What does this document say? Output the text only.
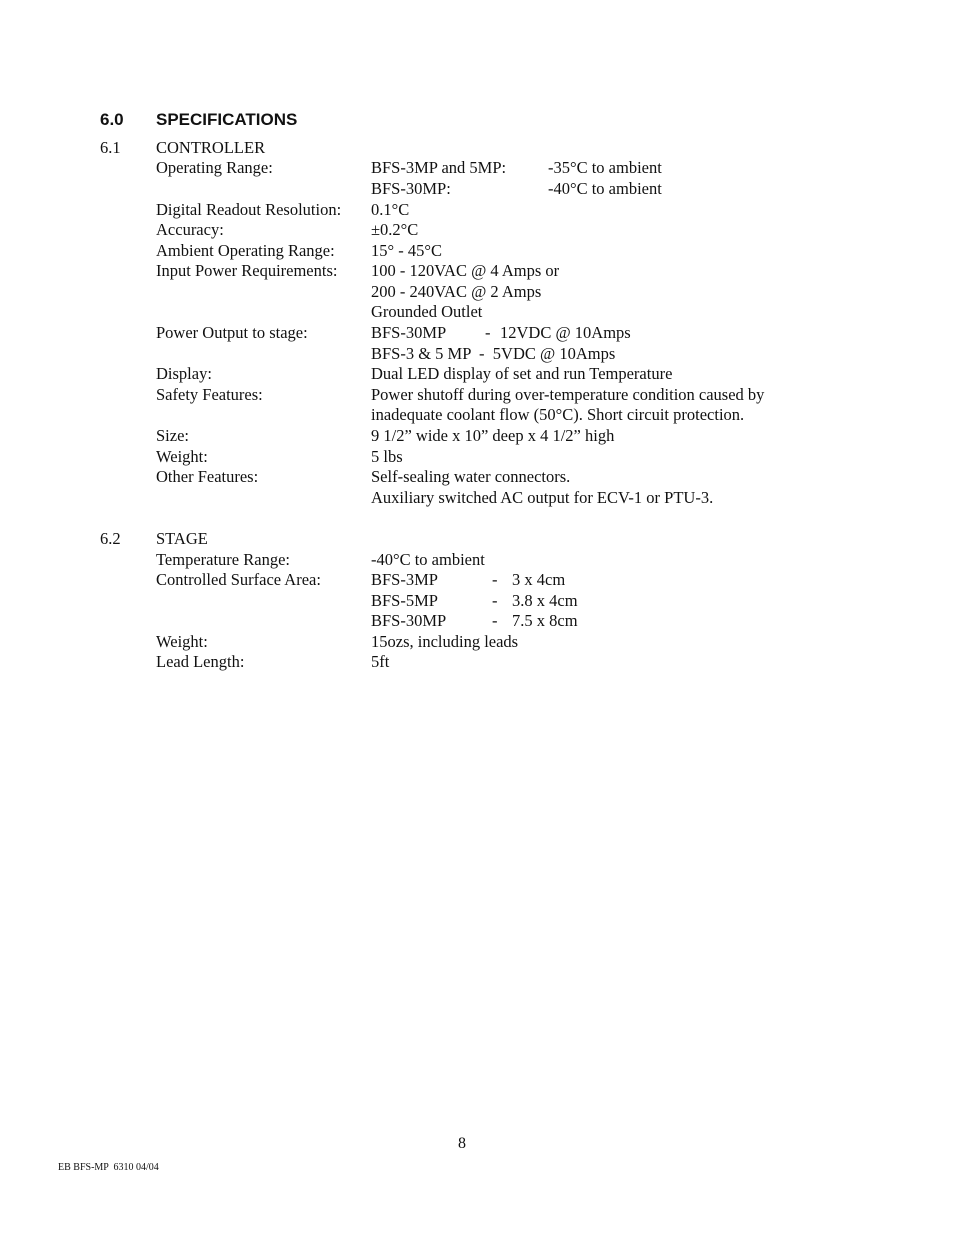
6.0 SPECIFICATIONS
6.1 CONTROLLER
Operating Range:	BFS-3MP and 5MP:	-35°C to ambient
BFS-30MP:	-40°C to ambient
Digital Readout Resolution: 0.1°C
Accuracy:	±0.2°C
Ambient Operating Range: 15° - 45°C
Input Power Requirements: 100 - 120VAC @ 4 Amps or
200 - 240VAC @ 2 Amps
Grounded Outlet
Power Output to stage:	BFS-30MP - 12VDC @ 10Amps
BFS-3 & 5 MP  -  5VDC @ 10Amps
Display:	Dual LED display of set and run Temperature
Safety Features:	Power shutoff during over-temperature condition caused by
inadequate coolant flow (50°C). Short circuit protection.
Size:	9 1/2” wide x 10” deep x 4 1/2” high
Weight:	5 lbs
Other Features:	Self-sealing water connectors.
Auxiliary switched AC output for ECV-1 or PTU-3.
6.2 STAGE
Temperature Range:	-40°C to ambient
Controlled Surface Area:	BFS-3MP	- 3 x 4cm
BFS-5MP	- 3.8 x 4cm
BFS-30MP	- 7.5 x 8cm
Weight:	15ozs, including leads
Lead Length:	5ft
8
EB BFS-MP  6310 04/04
